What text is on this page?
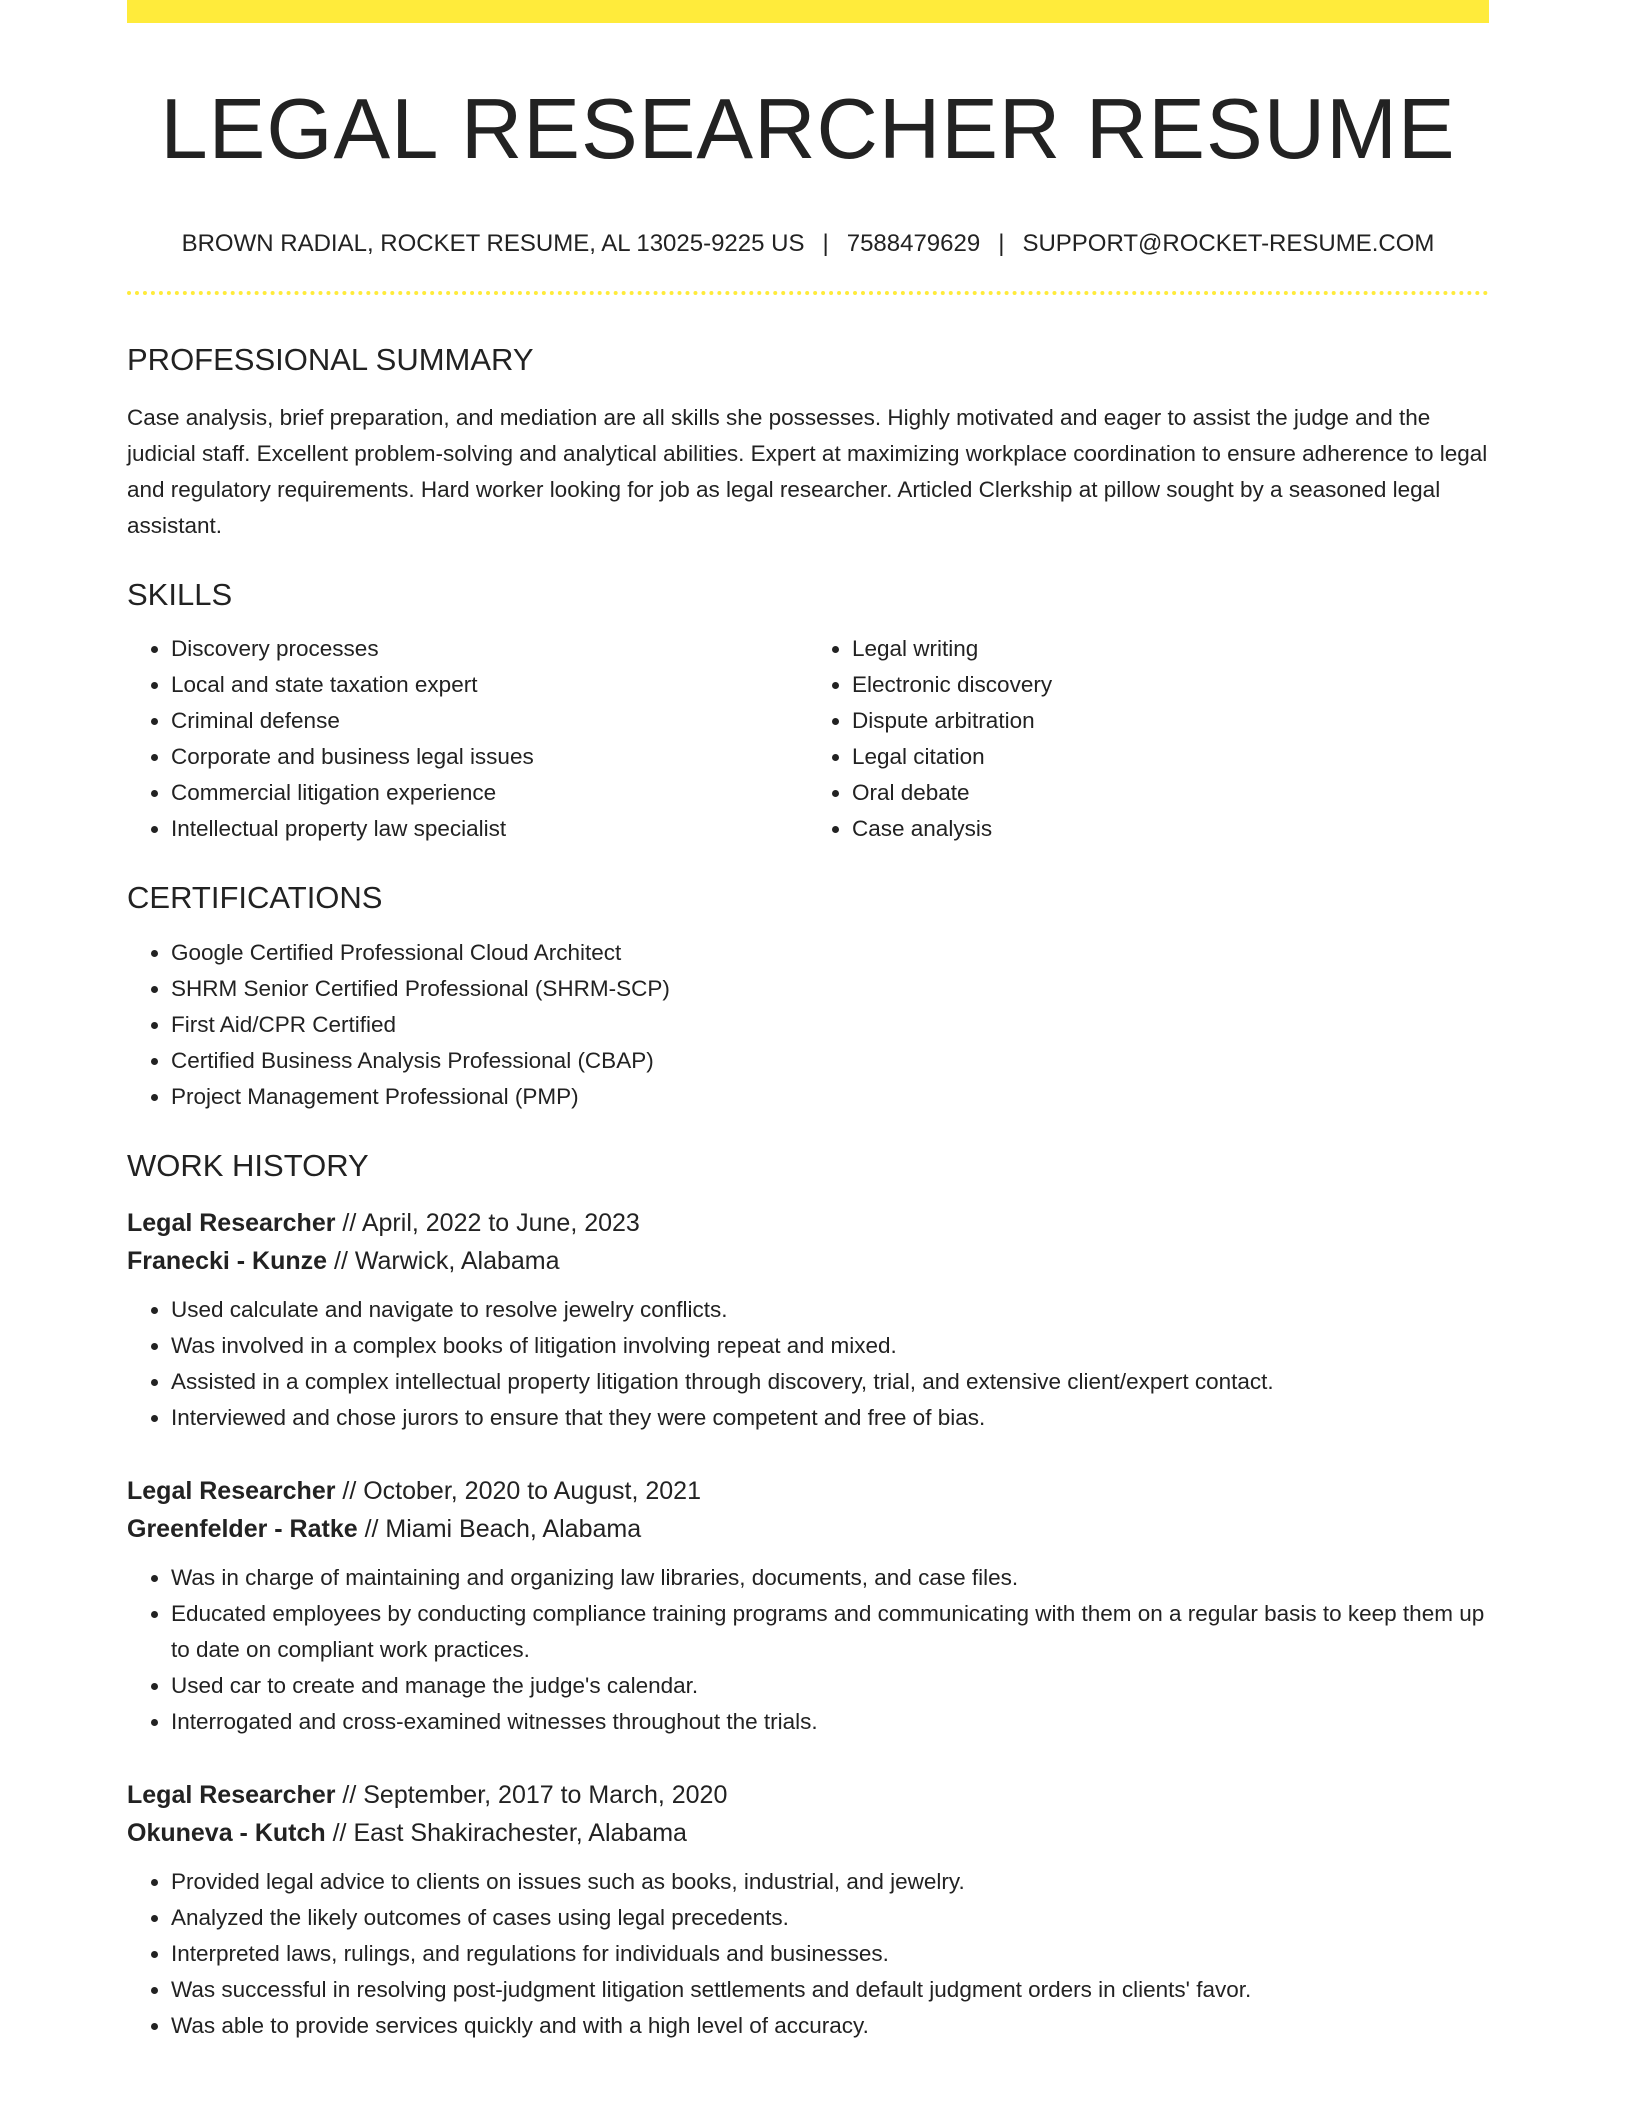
LEGAL RESEARCHER RESUME
BROWN RADIAL, ROCKET RESUME, AL 13025-9225 US | 7588479629 | SUPPORT@ROCKET-RESUME.COM
PROFESSIONAL SUMMARY
Case analysis, brief preparation, and mediation are all skills she possesses. Highly motivated and eager to assist the judge and the judicial staff. Excellent problem-solving and analytical abilities. Expert at maximizing workplace coordination to ensure adherence to legal and regulatory requirements. Hard worker looking for job as legal researcher. Articled Clerkship at pillow sought by a seasoned legal assistant.
SKILLS
• Discovery processes
• Local and state taxation expert
• Criminal defense
• Corporate and business legal issues
• Commercial litigation experience
• Intellectual property law specialist
• Legal writing
• Electronic discovery
• Dispute arbitration
• Legal citation
• Oral debate
• Case analysis
CERTIFICATIONS
• Google Certified Professional Cloud Architect
• SHRM Senior Certified Professional (SHRM-SCP)
• First Aid/CPR Certified
• Certified Business Analysis Professional (CBAP)
• Project Management Professional (PMP)
WORK HISTORY
Legal Researcher // April, 2022 to June, 2023
Franecki - Kunze // Warwick, Alabama
• Used calculate and navigate to resolve jewelry conflicts.
• Was involved in a complex books of litigation involving repeat and mixed.
• Assisted in a complex intellectual property litigation through discovery, trial, and extensive client/expert contact.
• Interviewed and chose jurors to ensure that they were competent and free of bias.
Legal Researcher // October, 2020 to August, 2021
Greenfelder - Ratke // Miami Beach, Alabama
• Was in charge of maintaining and organizing law libraries, documents, and case files.
• Educated employees by conducting compliance training programs and communicating with them on a regular basis to keep them up to date on compliant work practices.
• Used car to create and manage the judge's calendar.
• Interrogated and cross-examined witnesses throughout the trials.
Legal Researcher // September, 2017 to March, 2020
Okuneva - Kutch // East Shakirachester, Alabama
• Provided legal advice to clients on issues such as books, industrial, and jewelry.
• Analyzed the likely outcomes of cases using legal precedents.
• Interpreted laws, rulings, and regulations for individuals and businesses.
• Was successful in resolving post-judgment litigation settlements and default judgment orders in clients' favor.
• Was able to provide services quickly and with a high level of accuracy.
